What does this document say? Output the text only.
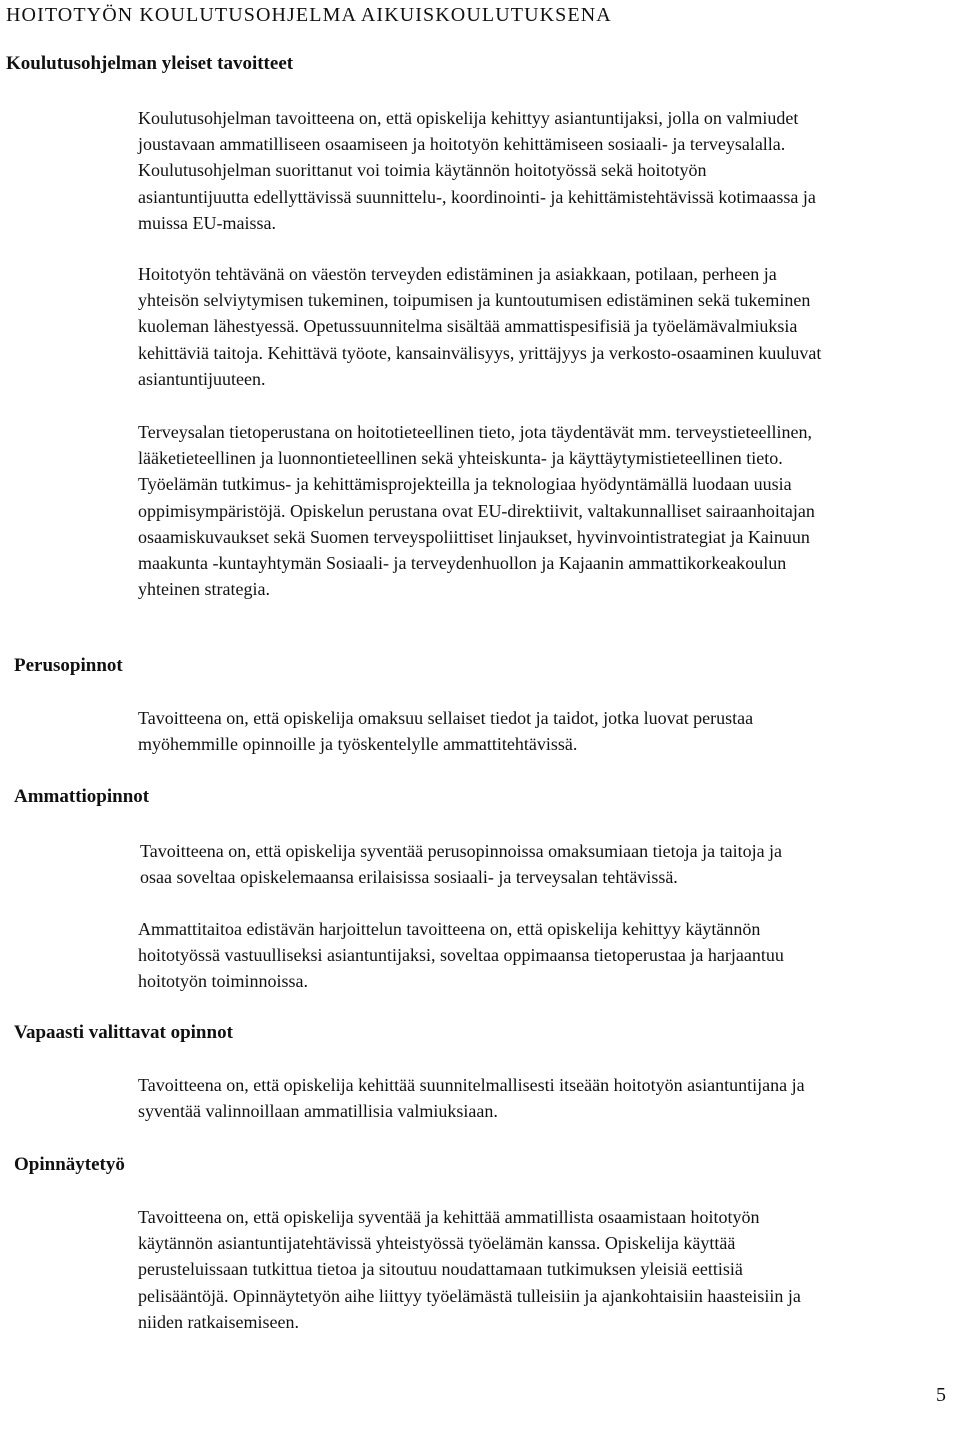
HOITOTYÖN KOULUTUSOHJELMA AIKUISKOULUTUKSENA
Koulutusohjelman yleiset tavoitteet
Koulutusohjelman tavoitteena on, että opiskelija kehittyy asiantuntijaksi, jolla on valmiudet
joustavaan ammatilliseen osaamiseen ja hoitotyön kehittämiseen sosiaali- ja terveysalalla.
Koulutusohjelman suorittanut voi toimia käytännön hoitotyössä sekä hoitotyön
asiantuntijuutta edellyttävissä suunnittelu-, koordinointi- ja kehittämistehtävissä kotimaassa ja
muissa EU-maissa.
Hoitotyön tehtävänä on väestön terveyden edistäminen ja asiakkaan, potilaan, perheen ja
yhteisön selviytymisen tukeminen, toipumisen ja kuntoutumisen edistäminen sekä tukeminen
kuoleman lähestyessä. Opetussuunnitelma sisältää ammattispesifisiä ja työelämävalmiuksia
kehittäviä taitoja. Kehittävä työote, kansainvälisyys, yrittäjyys ja verkosto-osaaminen kuuluvat
asiantuntijuuteen.
Terveysalan tietoperustana on hoitotieteellinen tieto, jota täydentävät mm. terveystieteellinen,
lääketieteellinen ja luonnontieteellinen sekä yhteiskunta- ja käyttäytymistieteellinen tieto.
Työelämän tutkimus- ja kehittämisprojekteilla ja teknologiaa hyödyntämällä luodaan uusia
oppimisympäristöjä. Opiskelun perustana ovat EU-direktiivit, valtakunnalliset sairaanhoitajan
osaamiskuvaukset sekä Suomen terveyspoliittiset linjaukset, hyvinvointistrategiat ja Kainuun
maakunta -kuntayhtymän Sosiaali- ja terveydenhuollon ja Kajaanin ammattikorkeakoulun
yhteinen strategia.
Perusopinnot
Tavoitteena on, että opiskelija omaksuu sellaiset tiedot ja taidot, jotka luovat perustaa
myöhemmille opinnoille ja työskentelylle ammattitehtävissä.
Ammattiopinnot
Tavoitteena on, että opiskelija syventää perusopinnoissa omaksumiaan tietoja ja taitoja ja
osaa soveltaa opiskelemaansa erilaisissa sosiaali- ja terveysalan tehtävissä.
Ammattitaitoa edistävän harjoittelun tavoitteena on, että opiskelija kehittyy käytännön
hoitotyössä vastuulliseksi asiantuntijaksi, soveltaa oppimaansa tietoperustaa ja harjaantuu
hoitotyön toiminnoissa.
Vapaasti valittavat opinnot
Tavoitteena on, että opiskelija kehittää suunnitelmallisesti itseään hoitotyön asiantuntijana ja
syventää valinnoillaan ammatillisia valmiuksiaan.
Opinnäytetyö
Tavoitteena on, että opiskelija syventää ja kehittää ammatillista osaamistaan hoitotyön
käytännön asiantuntijatehtävissä yhteistyössä työelämän kanssa. Opiskelija käyttää
perusteluissaan tutkittua tietoa ja sitoutuu noudattamaan tutkimuksen yleisiä eettisiä
pelisääntöjä. Opinnäytetyön aihe liittyy työelämästä tulleisiin ja ajankohtaisiin haasteisiin ja
niiden ratkaisemiseen.
5
